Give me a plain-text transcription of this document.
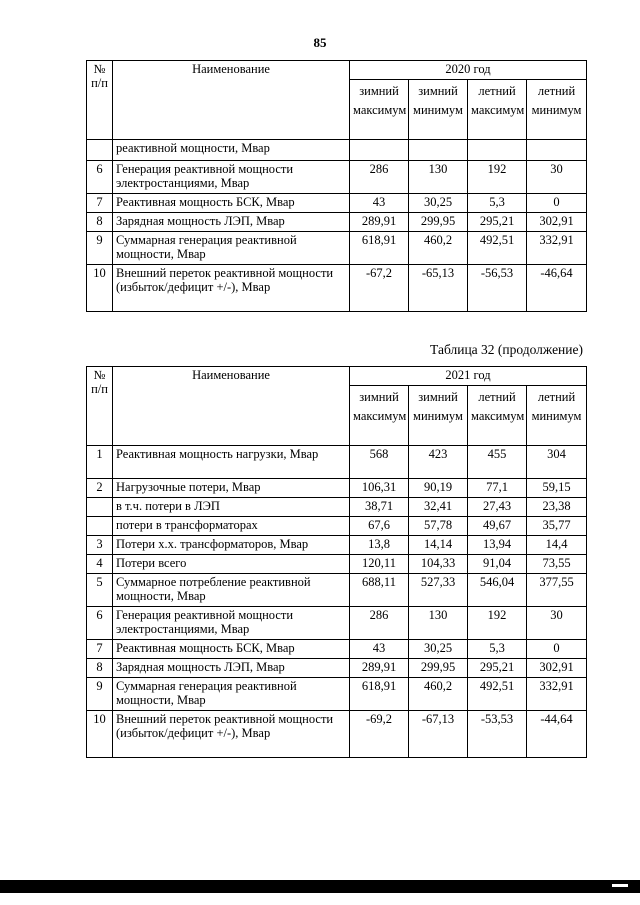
85
№ п/п	Наименование	2020 год			
		зимний максимум	зимний минимум	летний максимум	летний минимум
	реактивной мощности, Мвар				
6	Генерация реактивной мощности электростанциями, Мвар	286	130	192	30
7	Реактивная мощность БСК, Мвар	43	30,25	5,3	0
8	Зарядная мощность ЛЭП, Мвар	289,91	299,95	295,21	302,91
9	Суммарная генерация реактивной мощности, Мвар	618,91	460,2	492,51	332,91
10	Внешний переток реактивной мощности (избыток/дефицит +/-), Мвар	-67,2	-65,13	-56,53	-46,64
Таблица 32 (продолжение)
№ п/п	Наименование	2021 год			
		зимний максимум	зимний минимум	летний максимум	летний минимум
1	Реактивная мощность нагрузки, Мвар	568	423	455	304
2	Нагрузочные потери, Мвар	106,31	90,19	77,1	59,15
	в т.ч. потери в ЛЭП	38,71	32,41	27,43	23,38
	потери в трансформаторах	67,6	57,78	49,67	35,77
3	Потери х.х. трансформаторов, Мвар	13,8	14,14	13,94	14,4
4	Потери всего	120,11	104,33	91,04	73,55
5	Суммарное потребление реактивной мощности, Мвар	688,11	527,33	546,04	377,55
6	Генерация реактивной мощности электростанциями, Мвар	286	130	192	30
7	Реактивная мощность БСК, Мвар	43	30,25	5,3	0
8	Зарядная мощность ЛЭП, Мвар	289,91	299,95	295,21	302,91
9	Суммарная генерация реактивной мощности, Мвар	618,91	460,2	492,51	332,91
10	Внешний переток реактивной мощности (избыток/дефицит +/-), Мвар	-69,2	-67,13	-53,53	-44,64
